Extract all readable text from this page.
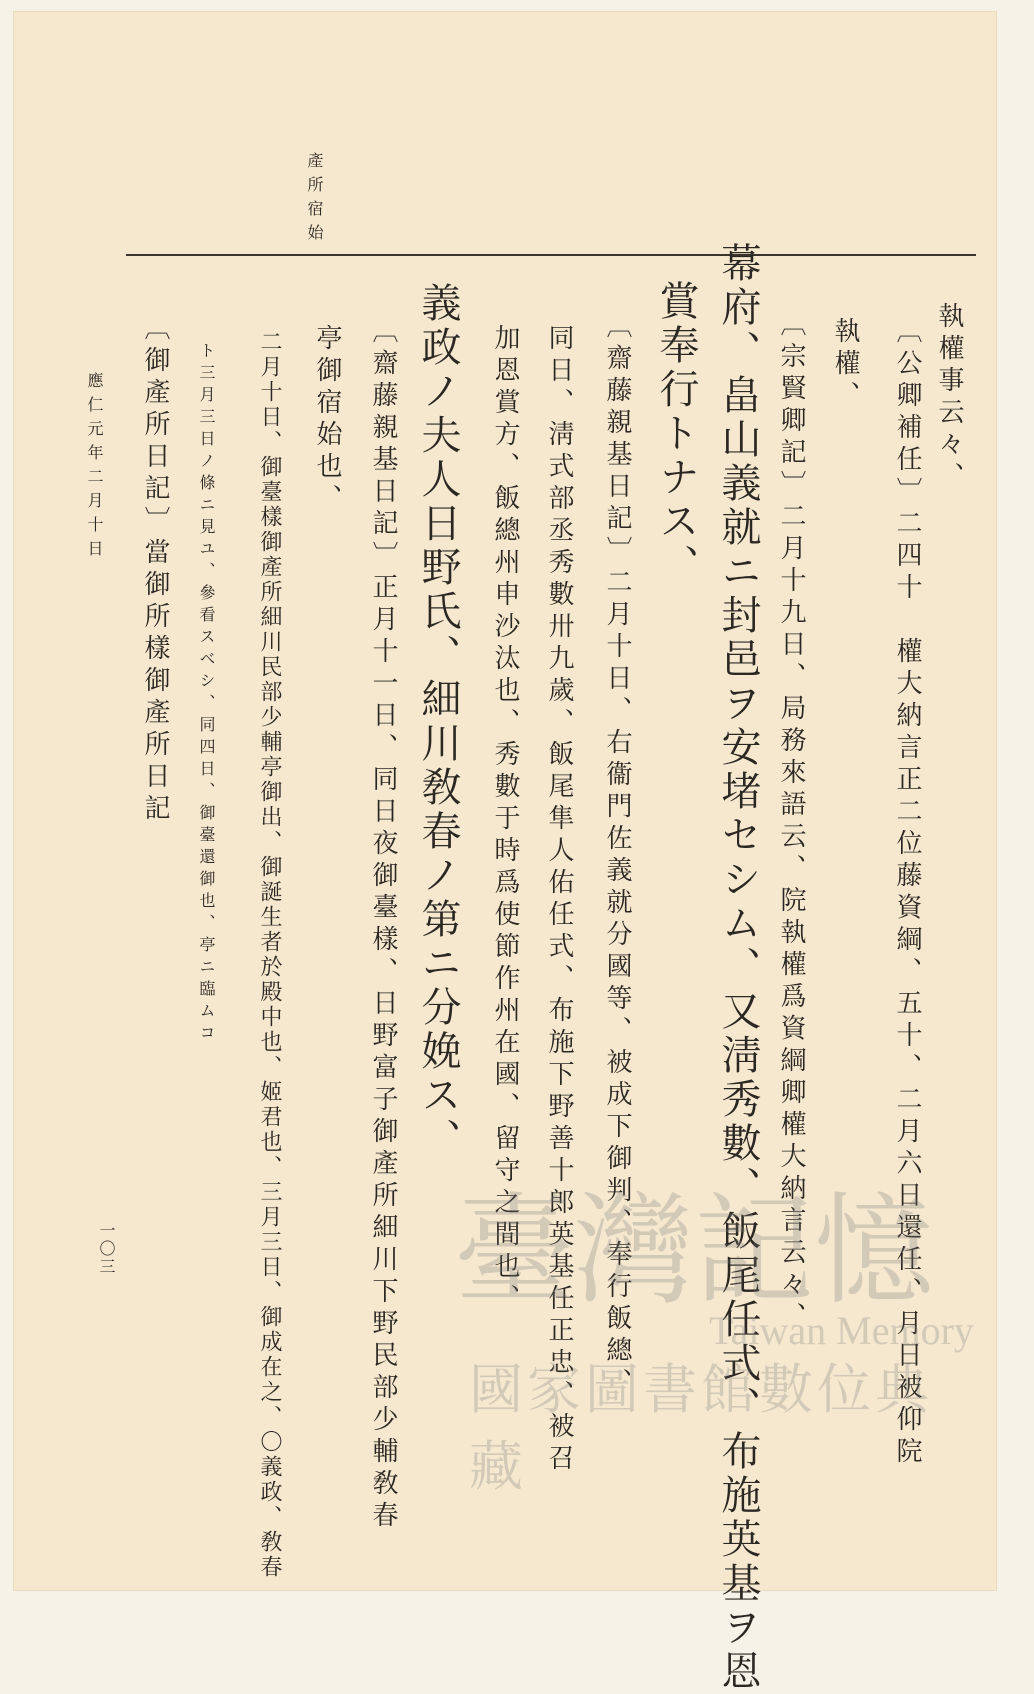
產所宿始
執權事云々、
〔公卿補任〕二四十　權大納言正二位藤資綱、五十、二月六日還任、月日被仰院
執權、
〔宗賢卿記〕二月十九日、局務來語云、院執權爲資綱卿權大納言云々、
幕府、畠山義就ニ封邑ヲ安堵セシム、又淸秀數、飯尾任式、布施英基ヲ恩
賞奉行トナス、
〔齋藤親基日記〕二月十日、右衞門佐義就分國等、被成下御判、奉行飯總、
同日、淸式部丞秀數卅九歲、飯尾隼人佑任式、布施下野善十郎英基任正忠、被召
加恩賞方、飯總州申沙汰也、秀數于時爲使節作州在國、留守之間也、
義政ノ夫人日野氏、細川敎春ノ第ニ分娩ス、
〔齋藤親基日記〕正月十一日、同日夜御臺樣、日野富子御產所細川下野民部少輔敎春
亭御宿始也、
二月十日、御臺樣御產所細川民部少輔亭御出、御誕生者於殿中也、姬君也、三月三日、御成在之、〇義政、敎春
ト三月三日ノ條ニ見ユ、參看スベシ、同四日、御臺還御也、亭ニ臨ムコ
〔御產所日記〕當御所樣御產所日記
應仁元年二月十日
一〇三	臺灣記憶
Taiwan Memory
國家圖書館數位典藏
